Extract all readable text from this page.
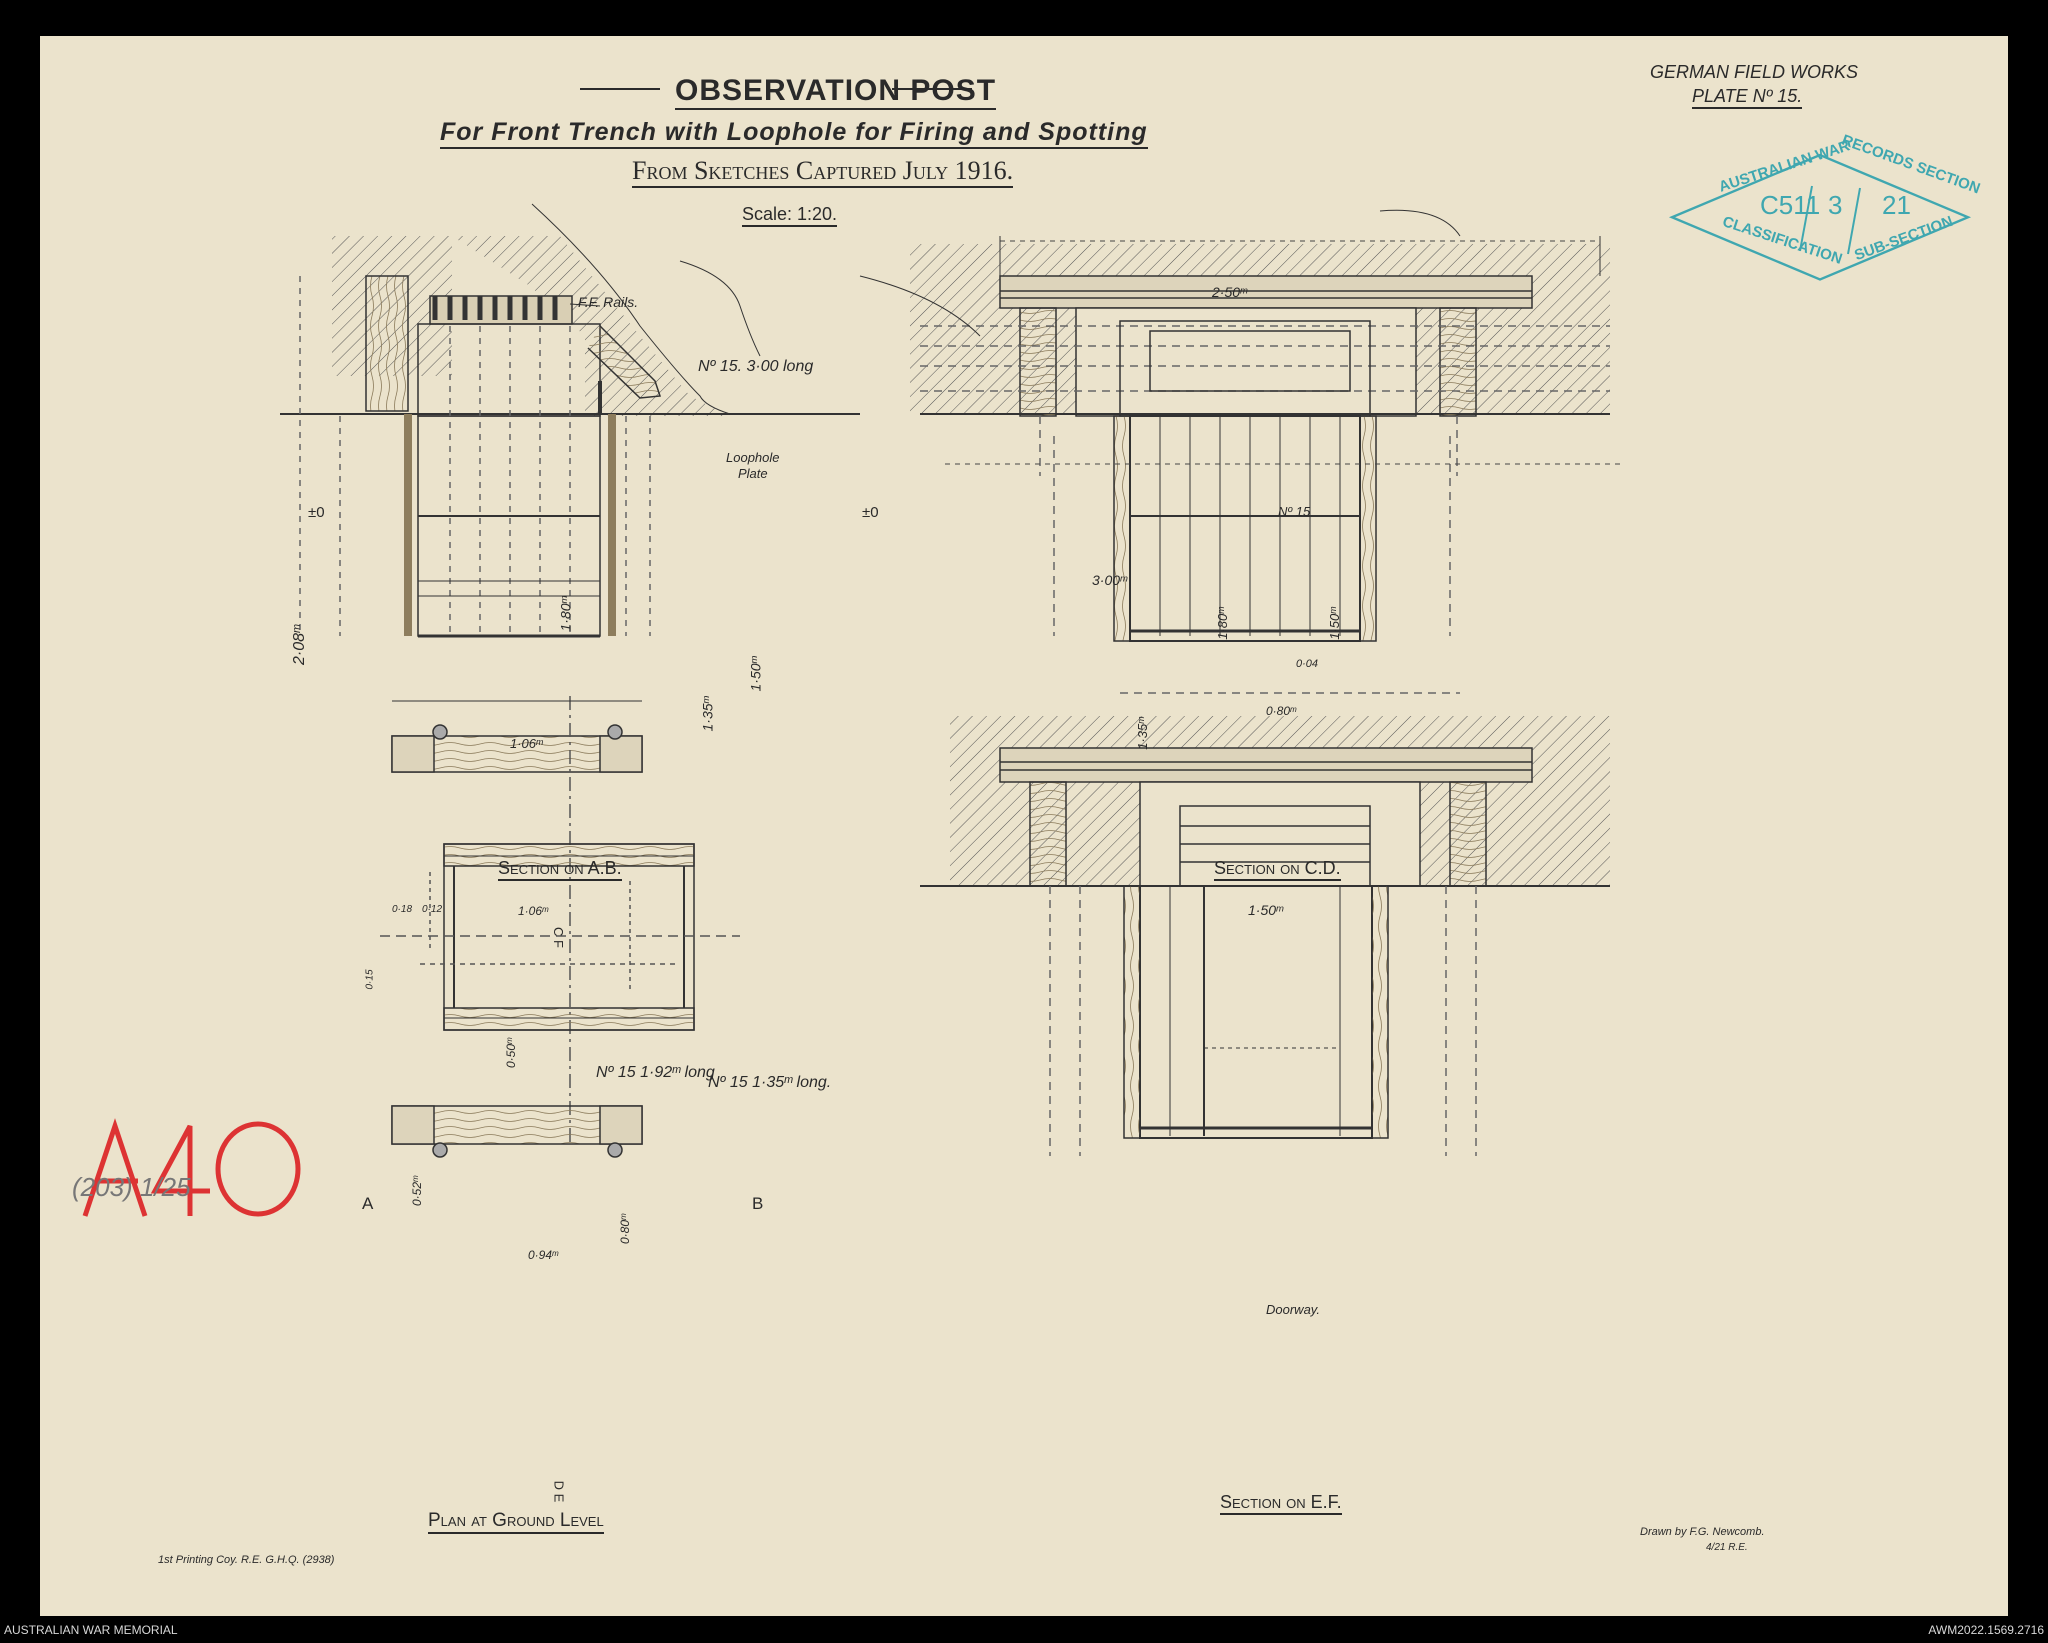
OBSERVATION POST
For Front Trench with Loophole for Firing and Spotting
From Sketches Captured July 1916.
Scale: 1:20.
GERMAN FIELD WORKS
PLATE Nº 15.
AUSTRALIAN WAR
RECORDS SECTION
CLASSIFICATION SUB-SECTION
C511 3 21
F.F. Rails.
Nº 15. 3·00 long
Loophole
Plate
±0	±0
2·08ᵐ
1·80ᵐ
1·35ᵐ
1·50ᵐ
1·06ᵐ
Section on A.B.
2·50ᵐ
3·00ᵐ
Nº 15
1·80ᵐ	1·50ᵐ
1·35ᵐ
0·04
0·80ᵐ
Section on C.D.
1·06ᵐ
0·18 0·12
0·15
0·50ᵐ
0·52ᵐ
0·80ᵐ
0·94ᵐ
Nº 15 1·92ᵐ long
Nº 15 1·35ᵐ long.
A	B
C F
D E
Plan at Ground Level
1·50ᵐ
Doorway.
Section on E.F.
Drawn by F.G. Newcomb.
4/21 R.E.
1st Printing Coy. R.E. G.H.Q. (2938)
(203) 1/25
AUSTRALIAN WAR MEMORIAL	AWM2022.1569.2716
